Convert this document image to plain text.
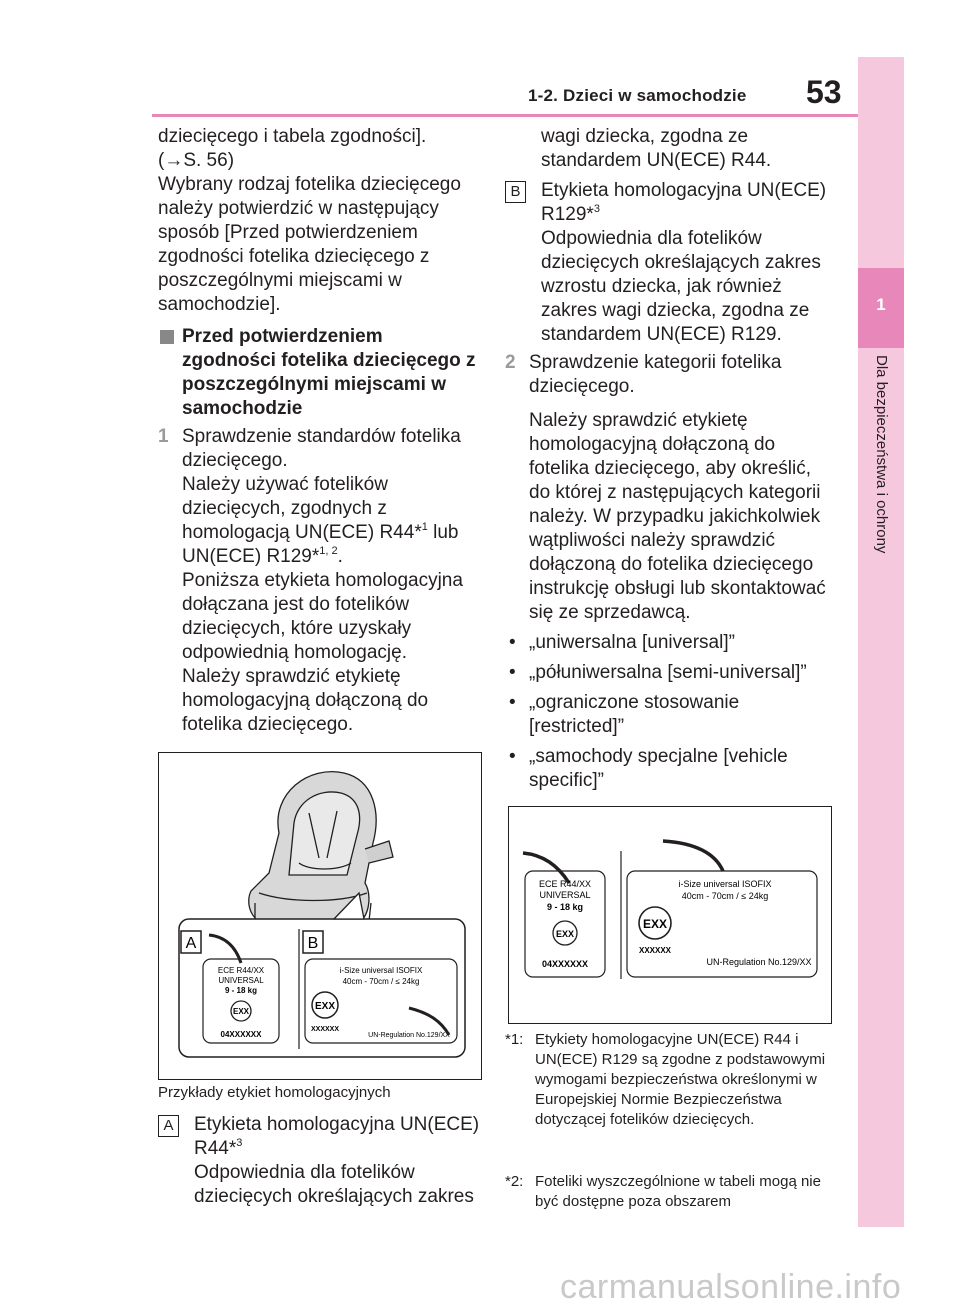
1-2. Dzieci w samochodzie 53
1
Dla bezpieczeństwa i ochrony

dziecięcego i tabela zgodności].

(→S. 56)

Wybrany rodzaj fotelika dziecięcego należy potwierdzić w następujący sposób [Przed potwierdzeniem zgodności fotelika dziecięcego z poszczególnymi miejscami w samochodzie].

Przed potwierdzeniem zgodności fotelika dziecięcego z poszczególnymi miejscami w samochodzie

1 Sprawdzenie standardów fotelika dziecięcego.

Należy używać fotelików dziecięcych, zgodnych z homologacją UN(ECE) R44*$^1$ lub UN(ECE) R129*$^{1, 2}$.

Poniższa etykieta homologacyjna dołączana jest do fotelików dziecięcych, które uzyskały odpowiednią homologację.

Należy sprawdzić etykietę homologacyjną dołączoną do fotelika dziecięcego.

A	B
ECE R44/XX
UNIVERSAL
9 - 18 kg
EXX
04XXXXXX
i-Size universal ISOFIX
40cm - 70cm / ≤ 24kg
EXX
XXXXXX
UN-Regulation No.129/XX
Przykłady etykiet homologacyjnych
A Etykieta homologacyjna UN(ECE) R44*$^3$

Odpowiednia dla fotelików dziecięcych określających zakres

wagi dziecka, zgodna ze standardem UN(ECE) R44.

B Etykieta homologacyjna UN(ECE) R129*$^3$

Odpowiednia dla fotelików dziecięcych określających zakres wzrostu dziecka, jak również zakres wagi dziecka, zgodna ze standardem UN(ECE) R129.

2 Sprawdzenie kategorii fotelika dziecięcego.

Należy sprawdzić etykietę homologacyjną dołączoną do fotelika dziecięcego, aby określić, do której z następujących kategorii należy. W przypadku jakichkolwiek wątpliwości należy sprawdzić dołączoną do fotelika dziecięcego instrukcję obsługi lub skontaktować się ze sprzedawcą.

• „uniwersalna [universal]”

• „półuniwersalna [semi-universal]”

• „ograniczone stosowanie [restricted]”

• „samochody specjalne [vehicle specific]”

ECE R44/XX
UNIVERSAL
9 - 18 kg
EXX
04XXXXXX
i-Size universal ISOFIX
40cm - 70cm / ≤ 24kg
EXX
XXXXXX
UN-Regulation No.129/XX
*1: Etykiety homologacyjne UN(ECE) R44 i UN(ECE) R129 są zgodne z podstawowymi wymogami bezpieczeństwa określonymi w Europejskiej Normie Bezpieczeństwa dotyczącej fotelików dziecięcych.
*2: Foteliki wyszczególnione w tabeli mogą nie być dostępne poza obszarem
carmanualsonline.info
